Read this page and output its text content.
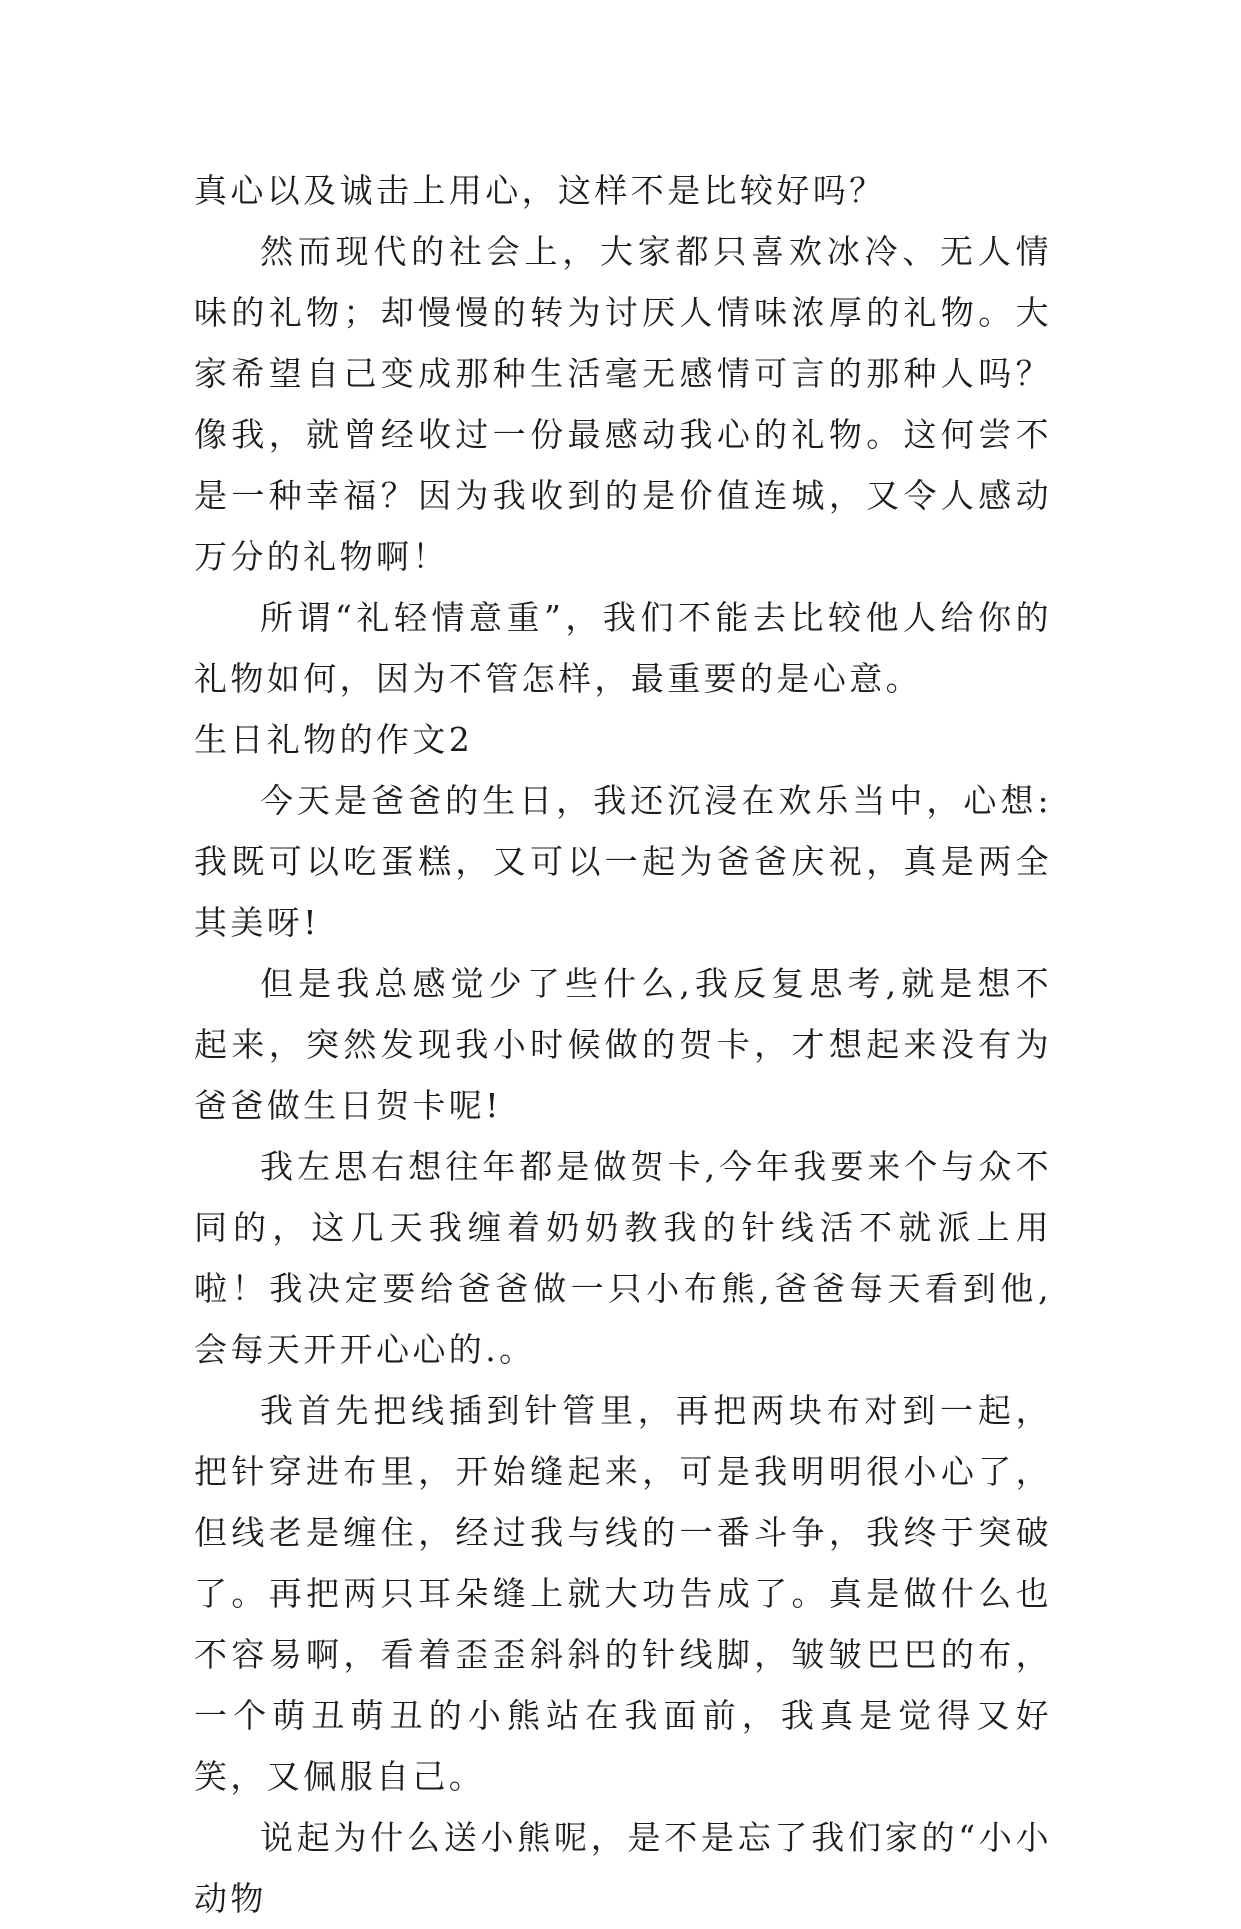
真心以及诚击上用心，这样不是比较好吗？

然而现代的社会上，大家都只喜欢冰冷、无人情味的礼物；却慢慢的转为讨厌人情味浓厚的礼物。大家希望自己变成那种生活毫无感情可言的那种人吗？像我，就曾经收过一份最感动我心的礼物。这何尝不是一种幸福？因为我收到的是价值连城，又令人感动万分的礼物啊！

所谓“礼轻情意重”，我们不能去比较他人给你的礼物如何，因为不管怎样，最重要的是心意。

生日礼物的作文2

今天是爸爸的生日，我还沉浸在欢乐当中，心想:我既可以吃蛋糕，又可以一起为爸爸庆祝，真是两全其美呀!

但是我总感觉少了些什么,我反复思考,就是想不起来，突然发现我小时候做的贺卡，才想起来没有为爸爸做生日贺卡呢!

我左思右想往年都是做贺卡,今年我要来个与众不同的，这几天我缠着奶奶教我的针线活不就派上用啦！我决定要给爸爸做一只小布熊,爸爸每天看到他,会每天开开心心的.。

我首先把线插到针管里，再把两块布对到一起，把针穿进布里，开始缝起来，可是我明明很小心了，但线老是缠住，经过我与线的一番斗争，我终于突破了。再把两只耳朵缝上就大功告成了。真是做什么也不容易啊，看着歪歪斜斜的针线脚，皱皱巴巴的布，一个萌丑萌丑的小熊站在我面前，我真是觉得又好笑，又佩服自己。

说起为什么送小熊呢，是不是忘了我们家的“小小动物
